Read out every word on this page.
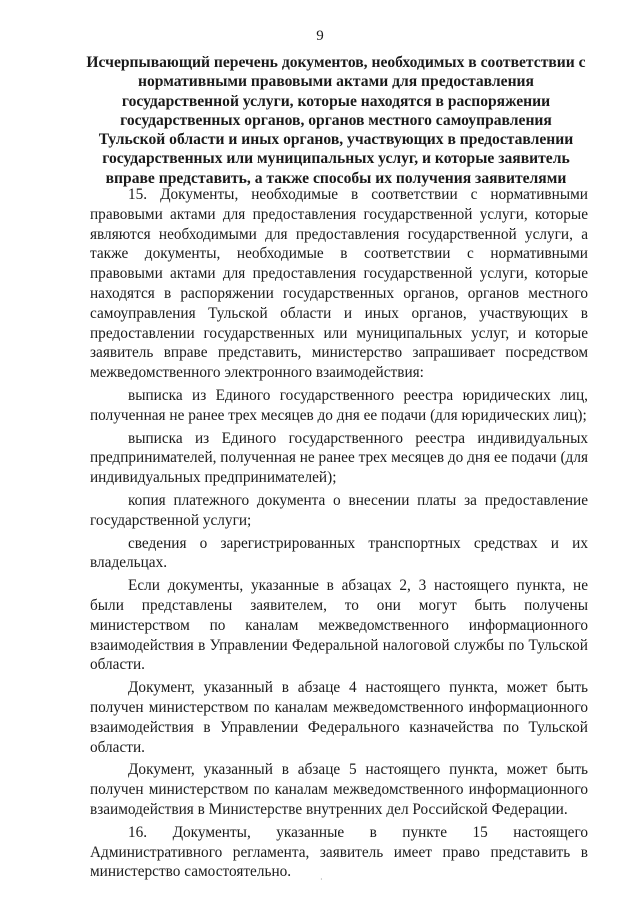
9
Исчерпывающий перечень документов, необходимых в соответствии с нормативными правовыми актами для предоставления государственной услуги, которые находятся в распоряжении государственных органов, органов местного самоуправления Тульской области и иных органов, участвующих в предоставлении государственных или муниципальных услуг, и которые заявитель вправе представить, а также способы их получения заявителями

15. Документы, необходимые в соответствии с нормативными правовыми актами для предоставления государственной услуги, которые являются необходимыми для предоставления государственной услуги, а также документы, необходимые в соответствии с нормативными правовыми актами для предоставления государственной услуги, которые находятся в распоряжении государственных органов, органов местного самоуправления Тульской области и иных органов, участвующих в предоставлении государственных или муниципальных услуг, и которые заявитель вправе представить, министерство запрашивает посредством межведомственного электронного взаимодействия:

выписка из Единого государственного реестра юридических лиц, полученная не ранее трех месяцев до дня ее подачи (для юридических лиц);

выписка из Единого государственного реестра индивидуальных предпринимателей, полученная не ранее трех месяцев до дня ее подачи (для индивидуальных предпринимателей);

копия платежного документа о внесении платы за предоставление государственной услуги;

сведения о зарегистрированных транспортных средствах и их владельцах.

Если документы, указанные в абзацах 2, 3 настоящего пункта, не были представлены заявителем, то они могут быть получены министерством по каналам межведомственного информационного взаимодействия в Управлении Федеральной налоговой службы по Тульской области.

Документ, указанный в абзаце 4 настоящего пункта, может быть получен министерством по каналам межведомственного информационного взаимодействия в Управлении Федерального казначейства по Тульской области.

Документ, указанный в абзаце 5 настоящего пункта, может быть получен министерством по каналам межведомственного информационного взаимодействия в Министерстве внутренних дел Российской Федерации.

16. Документы, указанные в пункте 15 настоящего Административного регламента, заявитель имеет право представить в министерство самостоятельно.	·
